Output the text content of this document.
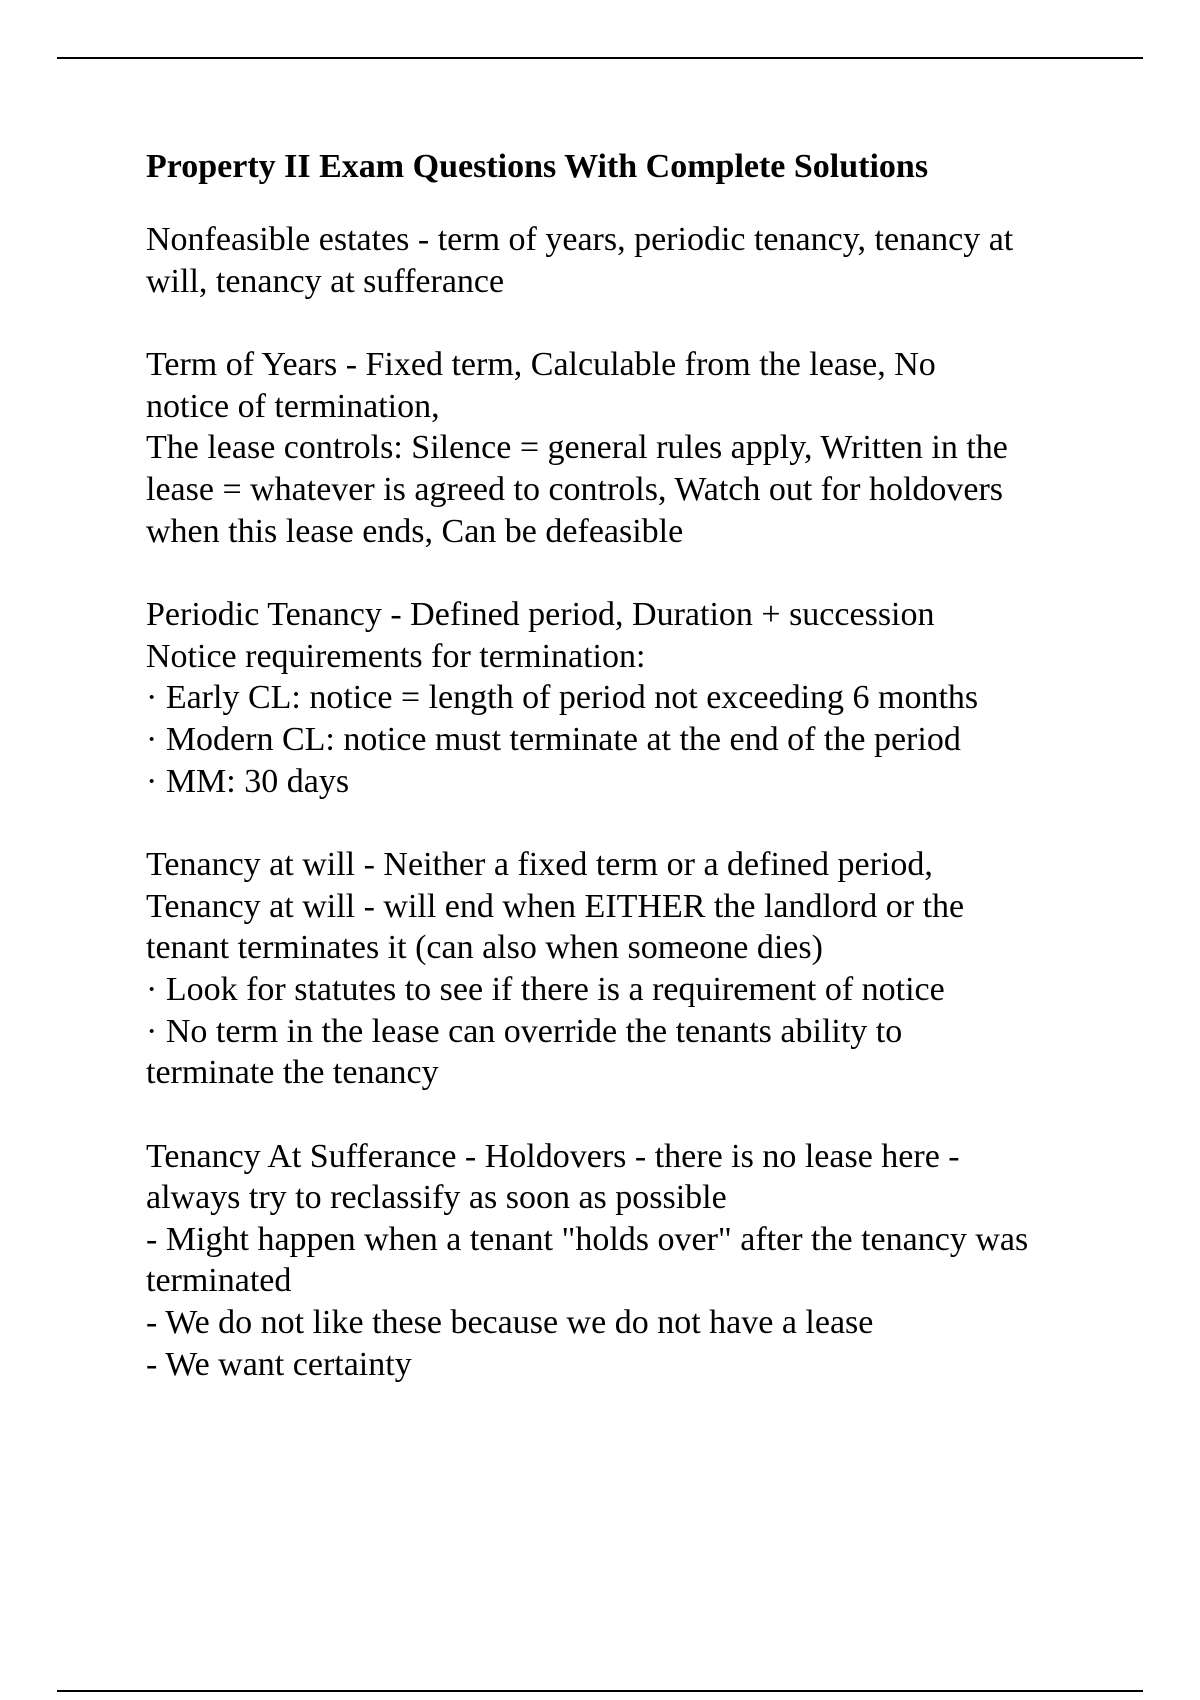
Property II Exam Questions With Complete Solutions
Nonfeasible estates - term of years, periodic tenancy, tenancy at
will, tenancy at sufferance
Term of Years - Fixed term, Calculable from the lease, No
notice of termination,
The lease controls: Silence = general rules apply, Written in the
lease = whatever is agreed to controls, Watch out for holdovers
when this lease ends, Can be defeasible
Periodic Tenancy - Defined period, Duration + succession
Notice requirements for termination:
· Early CL: notice = length of period not exceeding 6 months
· Modern CL: notice must terminate at the end of the period
· MM: 30 days
Tenancy at will - Neither a fixed term or a defined period,
Tenancy at will - will end when EITHER the landlord or the
tenant terminates it (can also when someone dies)
· Look for statutes to see if there is a requirement of notice
· No term in the lease can override the tenants ability to
terminate the tenancy
Tenancy At Sufferance - Holdovers - there is no lease here -
always try to reclassify as soon as possible
- Might happen when a tenant "holds over" after the tenancy was
terminated
- We do not like these because we do not have a lease
- We want certainty
